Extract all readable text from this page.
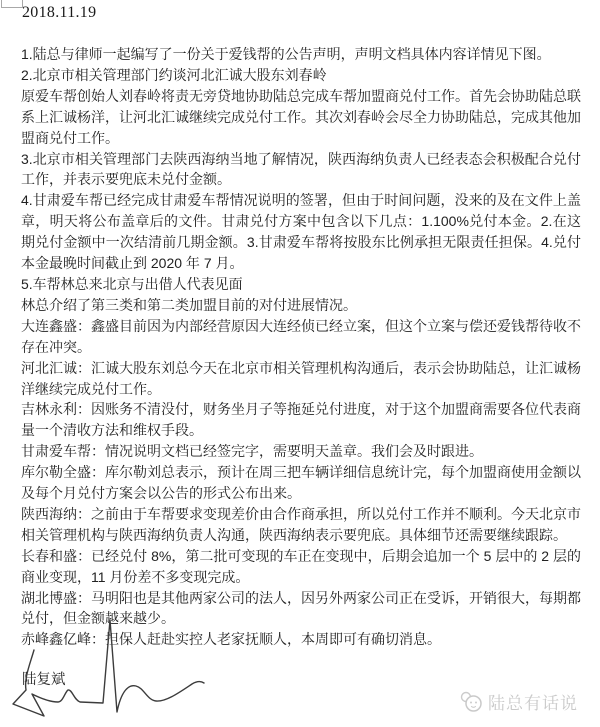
2018.11.19

1.陆总与律师一起编写了一份关于爱钱帮的公告声明，声明文档具体内容详情见下图。

2.北京市相关管理部门约谈河北汇诚大股东刘春岭

原爱车帮创始人刘春岭将责无旁贷地协助陆总完成车帮加盟商兑付工作。首先会协助陆总联系上汇诚杨洋，让河北汇诚继续完成兑付工作。其次刘春岭会尽全力协助陆总，完成其他加盟商兑付工作。

3.北京市相关管理部门去陕西海纳当地了解情况，陕西海纳负责人已经表态会积极配合兑付工作，并表示要兜底未兑付金额。

4.甘肃爱车帮已经完成甘肃爱车帮情况说明的签署，但由于时间问题，没来的及在文件上盖章，明天将公布盖章后的文件。甘肃兑付方案中包含以下几点：1.100%兑付本金。2.在这期兑付金额中一次结清前几期金额。3.甘肃爱车帮将按股东比例承担无限责任担保。4.兑付本金最晚时间截止到 2020 年 7 月。

5.车帮林总来北京与出借人代表见面

林总介绍了第三类和第二类加盟目前的对付进展情况。

大连鑫盛：鑫盛目前因为内部经营原因大连经侦已经立案，但这个立案与偿还爱钱帮待收不存在冲突。

河北汇诚：汇诚大股东刘总今天在北京市相关管理机构沟通后，表示会协助陆总，让汇诚杨洋继续完成兑付工作。

吉林永利：因账务不清没付，财务坐月子等拖延兑付进度，对于这个加盟商需要各位代表商量一个清收方法和维权手段。

甘肃爱车帮：情况说明文档已经签完字，需要明天盖章。我们会及时跟进。

库尔勒全盛：库尔勒刘总表示，预计在周三把车辆详细信息统计完，每个加盟商使用金额以及每个月兑付方案会以公告的形式公布出来。

陕西海纳：之前由于车帮要求变现差价由合作商承担，所以兑付工作并不顺利。今天北京市相关管理机构与陕西海纳负责人沟通，陕西海纳表示要兜底。具体细节还需要继续跟踪。

长春和盛：已经兑付 8%，第二批可变现的车正在变现中，后期会追加一个 5 层中的 2 层的商业变现，11 月份差不多变现完成。

湖北博盛：马明阳也是其他两家公司的法人，因另外两家公司正在受诉，开销很大，每期都兑付，但金额越来越少。

赤峰鑫亿峰：担保人赶赴实控人老家抚顺人，本周即可有确切消息。

陆复斌
陆总有话说
